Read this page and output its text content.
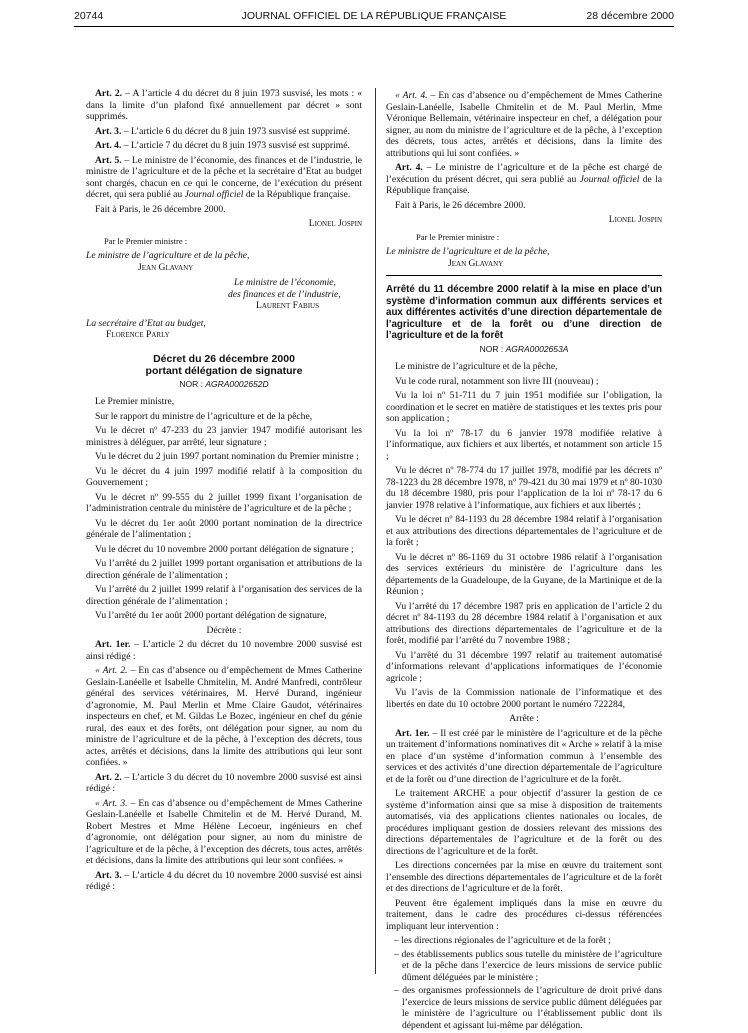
20744	JOURNAL OFFICIEL DE LA RÉPUBLIQUE FRANÇAISE	28 décembre 2000

Art. 2. – A l’article 4 du décret du 8 juin 1973 susvisé, les mots : « dans la limite d’un plafond fixé annuellement par décret » sont supprimés.

Art. 3. – L’article 6 du décret du 8 juin 1973 susvisé est supprimé.

Art. 4. – L’article 7 du décret du 8 juin 1973 susvisé est supprimé.

Art. 5. – Le ministre de l’économie, des finances et de l’industrie, le ministre de l’agriculture et de la pêche et la secrétaire d’Etat au budget sont chargés, chacun en ce qui le concerne, de l’exécution du présent décret, qui sera publié au Journal officiel de la République française.

Fait à Paris, le 26 décembre 2000.

Lionel Jospin

Par le Premier ministre :

Le ministre de l’agriculture et de la pêche,
Jean Glavany
Le ministre de l’économie,
des finances et de l’industrie,
Laurent Fabius
La secrétaire d’Etat au budget,
Florence Parly
Décret du 26 décembre 2000
portant délégation de signature
NOR : AGRA0002652D

Le Premier ministre,

Sur le rapport du ministre de l’agriculture et de la pêche,

Vu le décret nº 47-233 du 23 janvier 1947 modifié autorisant les ministres à déléguer, par arrêté, leur signature ;

Vu le décret du 2 juin 1997 portant nomination du Premier ministre ;

Vu le décret du 4 juin 1997 modifié relatif à la composition du Gouvernement ;

Vu le décret nº 99-555 du 2 juillet 1999 fixant l’organisation de l’administration centrale du ministère de l’agriculture et de la pêche ;

Vu le décret du 1er août 2000 portant nomination de la directrice générale de l’alimentation ;

Vu le décret du 10 novembre 2000 portant délégation de signature ;

Vu l’arrêté du 2 juillet 1999 portant organisation et attributions de la direction générale de l’alimentation ;

Vu l’arrêté du 2 juillet 1999 relatif à l’organisation des services de la direction générale de l’alimentation ;

Vu l’arrêté du 1er août 2000 portant délégation de signature,

Décrète :

Art. 1er. – L’article 2 du décret du 10 novembre 2000 susvisé est ainsi rédigé :

« Art. 2. – En cas d’absence ou d’empêchement de Mmes Catherine Geslain-Lanéelle et Isabelle Chmitelin, M. André Manfredi, contrôleur général des services vétérinaires, M. Hervé Durand, ingénieur d’agronomie, M. Paul Merlin et Mme Claire Gaudot, vétérinaires inspecteurs en chef, et M. Gildas Le Bozec, ingénieur en chef du génie rural, des eaux et des forêts, ont délégation pour signer, au nom du ministre de l’agriculture et de la pêche, à l’exception des décrets, tous actes, arrêtés et décisions, dans la limite des attributions qui leur sont confiées. »

Art. 2. – L’article 3 du décret du 10 novembre 2000 susvisé est ainsi rédigé :

« Art. 3. – En cas d’absence ou d’empêchement de Mmes Catherine Geslain-Lanéelle et Isabelle Chmitelin et de M. Hervé Durand, M. Robert Mestres et Mme Hélène Lecoeur, ingénieurs en chef d’agronomie, ont délégation pour signer, au nom du ministre de l’agriculture et de la pêche, à l’exception des décrets, tous actes, arrêtés et décisions, dans la limite des attributions qui leur sont confiées. »

Art. 3. – L’article 4 du décret du 10 novembre 2000 susvisé est ainsi rédigé :

« Art. 4. – En cas d’absence ou d’empêchement de Mmes Catherine Geslain-Lanéelle, Isabelle Chmitelin et de M. Paul Merlin, Mme Véronique Bellemain, vétérinaire inspecteur en chef, a délégation pour signer, au nom du ministre de l’agriculture et de la pêche, à l’exception des décrets, tous actes, arrêtés et décisions, dans la limite des attributions qui lui sont confiées. »

Art. 4. – Le ministre de l’agriculture et de la pêche est chargé de l’exécution du présent décret, qui sera publié au Journal officiel de la République française.

Fait à Paris, le 26 décembre 2000.

Lionel Jospin

Par le Premier ministre :

Le ministre de l’agriculture et de la pêche,
Jean Glavany
Arrêté du 11 décembre 2000 relatif à la mise en place d’un système d’information commun aux différents services et aux différentes activités d’une direction départementale de l’agriculture et de la forêt ou d’une direction de l’agriculture et de la forêt
NOR : AGRA0002653A

Le ministre de l’agriculture et de la pêche,

Vu le code rural, notamment son livre III (nouveau) ;

Vu la loi nº 51-711 du 7 juin 1951 modifiée sur l’obligation, la coordination et le secret en matière de statistiques et les textes pris pour son application ;

Vu la loi nº 78-17 du 6 janvier 1978 modifiée relative à l’informatique, aux fichiers et aux libertés, et notamment son article 15 ;

Vu le décret nº 78-774 du 17 juillet 1978, modifié par les décrets nº 78-1223 du 28 décembre 1978, nº 79-421 du 30 mai 1979 et nº 80-1030 du 18 décembre 1980, pris pour l’application de la loi nº 78-17 du 6 janvier 1978 relative à l’informatique, aux fichiers et aux libertés ;

Vu le décret nº 84-1193 du 28 décembre 1984 relatif à l’organisation et aux attributions des directions départementales de l’agriculture et de la forêt ;

Vu le décret nº 86-1169 du 31 octobre 1986 relatif à l’organisation des services extérieurs du ministère de l’agriculture dans les départements de la Guadeloupe, de la Guyane, de la Martinique et de la Réunion ;

Vu l’arrêté du 17 décembre 1987 pris en application de l’article 2 du décret nº 84-1193 du 28 décembre 1984 relatif à l’organisation et aux attributions des directions départementales de l’agriculture et de la forêt, modifié par l’arrêté du 7 novembre 1988 ;

Vu l’arrêté du 31 décembre 1997 relatif au traitement automatisé d’informations relevant d’applications informatiques de l’économie agricole ;

Vu l’avis de la Commission nationale de l’informatique et des libertés en date du 10 octobre 2000 portant le numéro 722284,

Arrête :

Art. 1er. – Il est créé par le ministère de l’agriculture et de la pêche un traitement d’informations nominatives dit « Arche » relatif à la mise en place d’un système d’information commun à l’ensemble des services et des activités d’une direction départementale de l’agriculture et de la forêt ou d’une direction de l’agriculture et de la forêt.

Le traitement ARCHE a pour objectif d’assurer la gestion de ce système d’information ainsi que sa mise à disposition de traitements automatisés, via des applications clientes nationales ou locales, de procédures impliquant gestion de dossiers relevant des missions des directions départementales de l’agriculture et de la forêt ou des directions de l’agriculture et de la forêt.

Les directions concernées par la mise en œuvre du traitement sont l’ensemble des directions départementales de l’agriculture et de la forêt et des directions de l’agriculture et de la forêt.

Peuvent être également impliqués dans la mise en œuvre du traitement, dans le cadre des procédures ci-dessus référencées impliquant leur intervention :

– les directions régionales de l’agriculture et de la forêt ;
– des établissements publics sous tutelle du ministère de l’agriculture et de la pêche dans l’exercice de leurs missions de service public dûment déléguées par le ministère ;
– des organismes professionnels de l’agriculture de droit privé dans l’exercice de leurs missions de service public dûment déléguées par le ministère de l’agriculture ou l’établissement public dont ils dépendent et agissant lui-même par délégation.
